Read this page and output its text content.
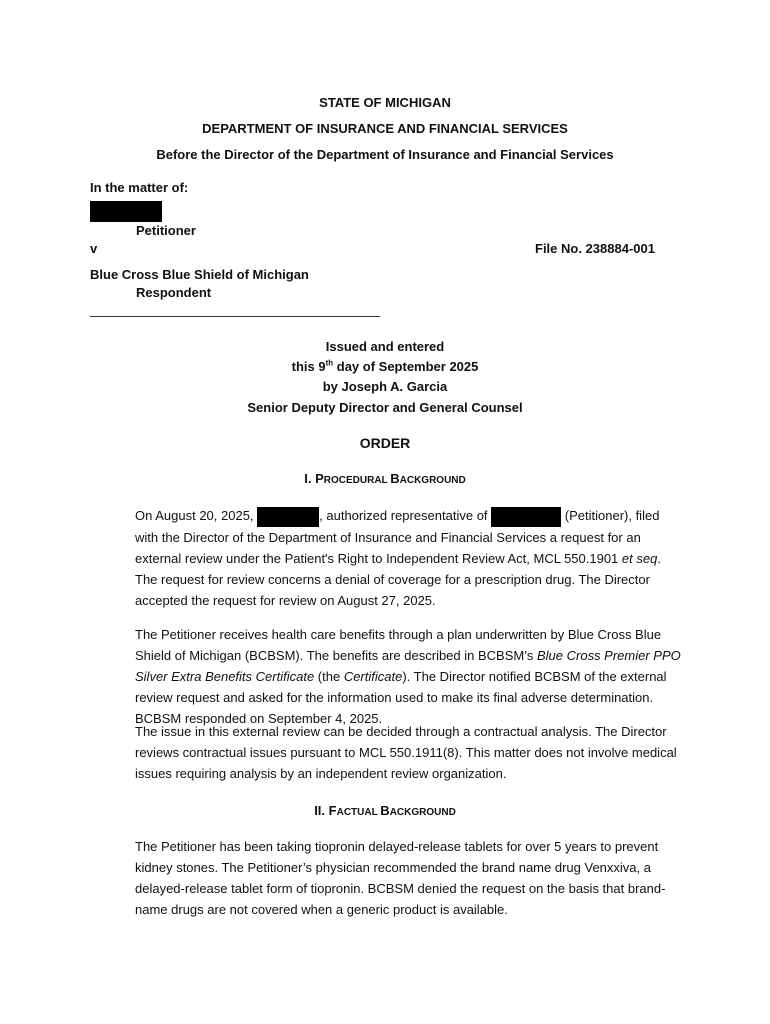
STATE OF MICHIGAN
DEPARTMENT OF INSURANCE AND FINANCIAL SERVICES
Before the Director of the Department of Insurance and Financial Services
In the matter of:
Petitioner
v	File No. 238884-001
Blue Cross Blue Shield of Michigan
Respondent
Issued and entered
this 9th day of September 2025
by Joseph A. Garcia
Senior Deputy Director and General Counsel
ORDER
I. PROCEDURAL BACKGROUND

On August 20, 2025,	, authorized representative of	(Petitioner), filed with the Director of the Department of Insurance and Financial Services a request for an external review under the Patient's Right to Independent Review Act, MCL 550.1901 et seq. The request for review concerns a denial of coverage for a prescription drug. The Director accepted the request for review on August 27, 2025.

The Petitioner receives health care benefits through a plan underwritten by Blue Cross Blue Shield of Michigan (BCBSM). The benefits are described in BCBSM’s Blue Cross Premier PPO Silver Extra Benefits Certificate (the Certificate). The Director notified BCBSM of the external review request and asked for the information used to make its final adverse determination. BCBSM responded on September 4, 2025.

The issue in this external review can be decided through a contractual analysis. The Director reviews contractual issues pursuant to MCL 550.1911(8). This matter does not involve medical issues requiring analysis by an independent review organization.

II. FACTUAL BACKGROUND

The Petitioner has been taking tiopronin delayed-release tablets for over 5 years to prevent kidney stones. The Petitioner’s physician recommended the brand name drug Venxxiva, a delayed-release tablet form of tiopronin. BCBSM denied the request on the basis that brand-name drugs are not covered when a generic product is available.
